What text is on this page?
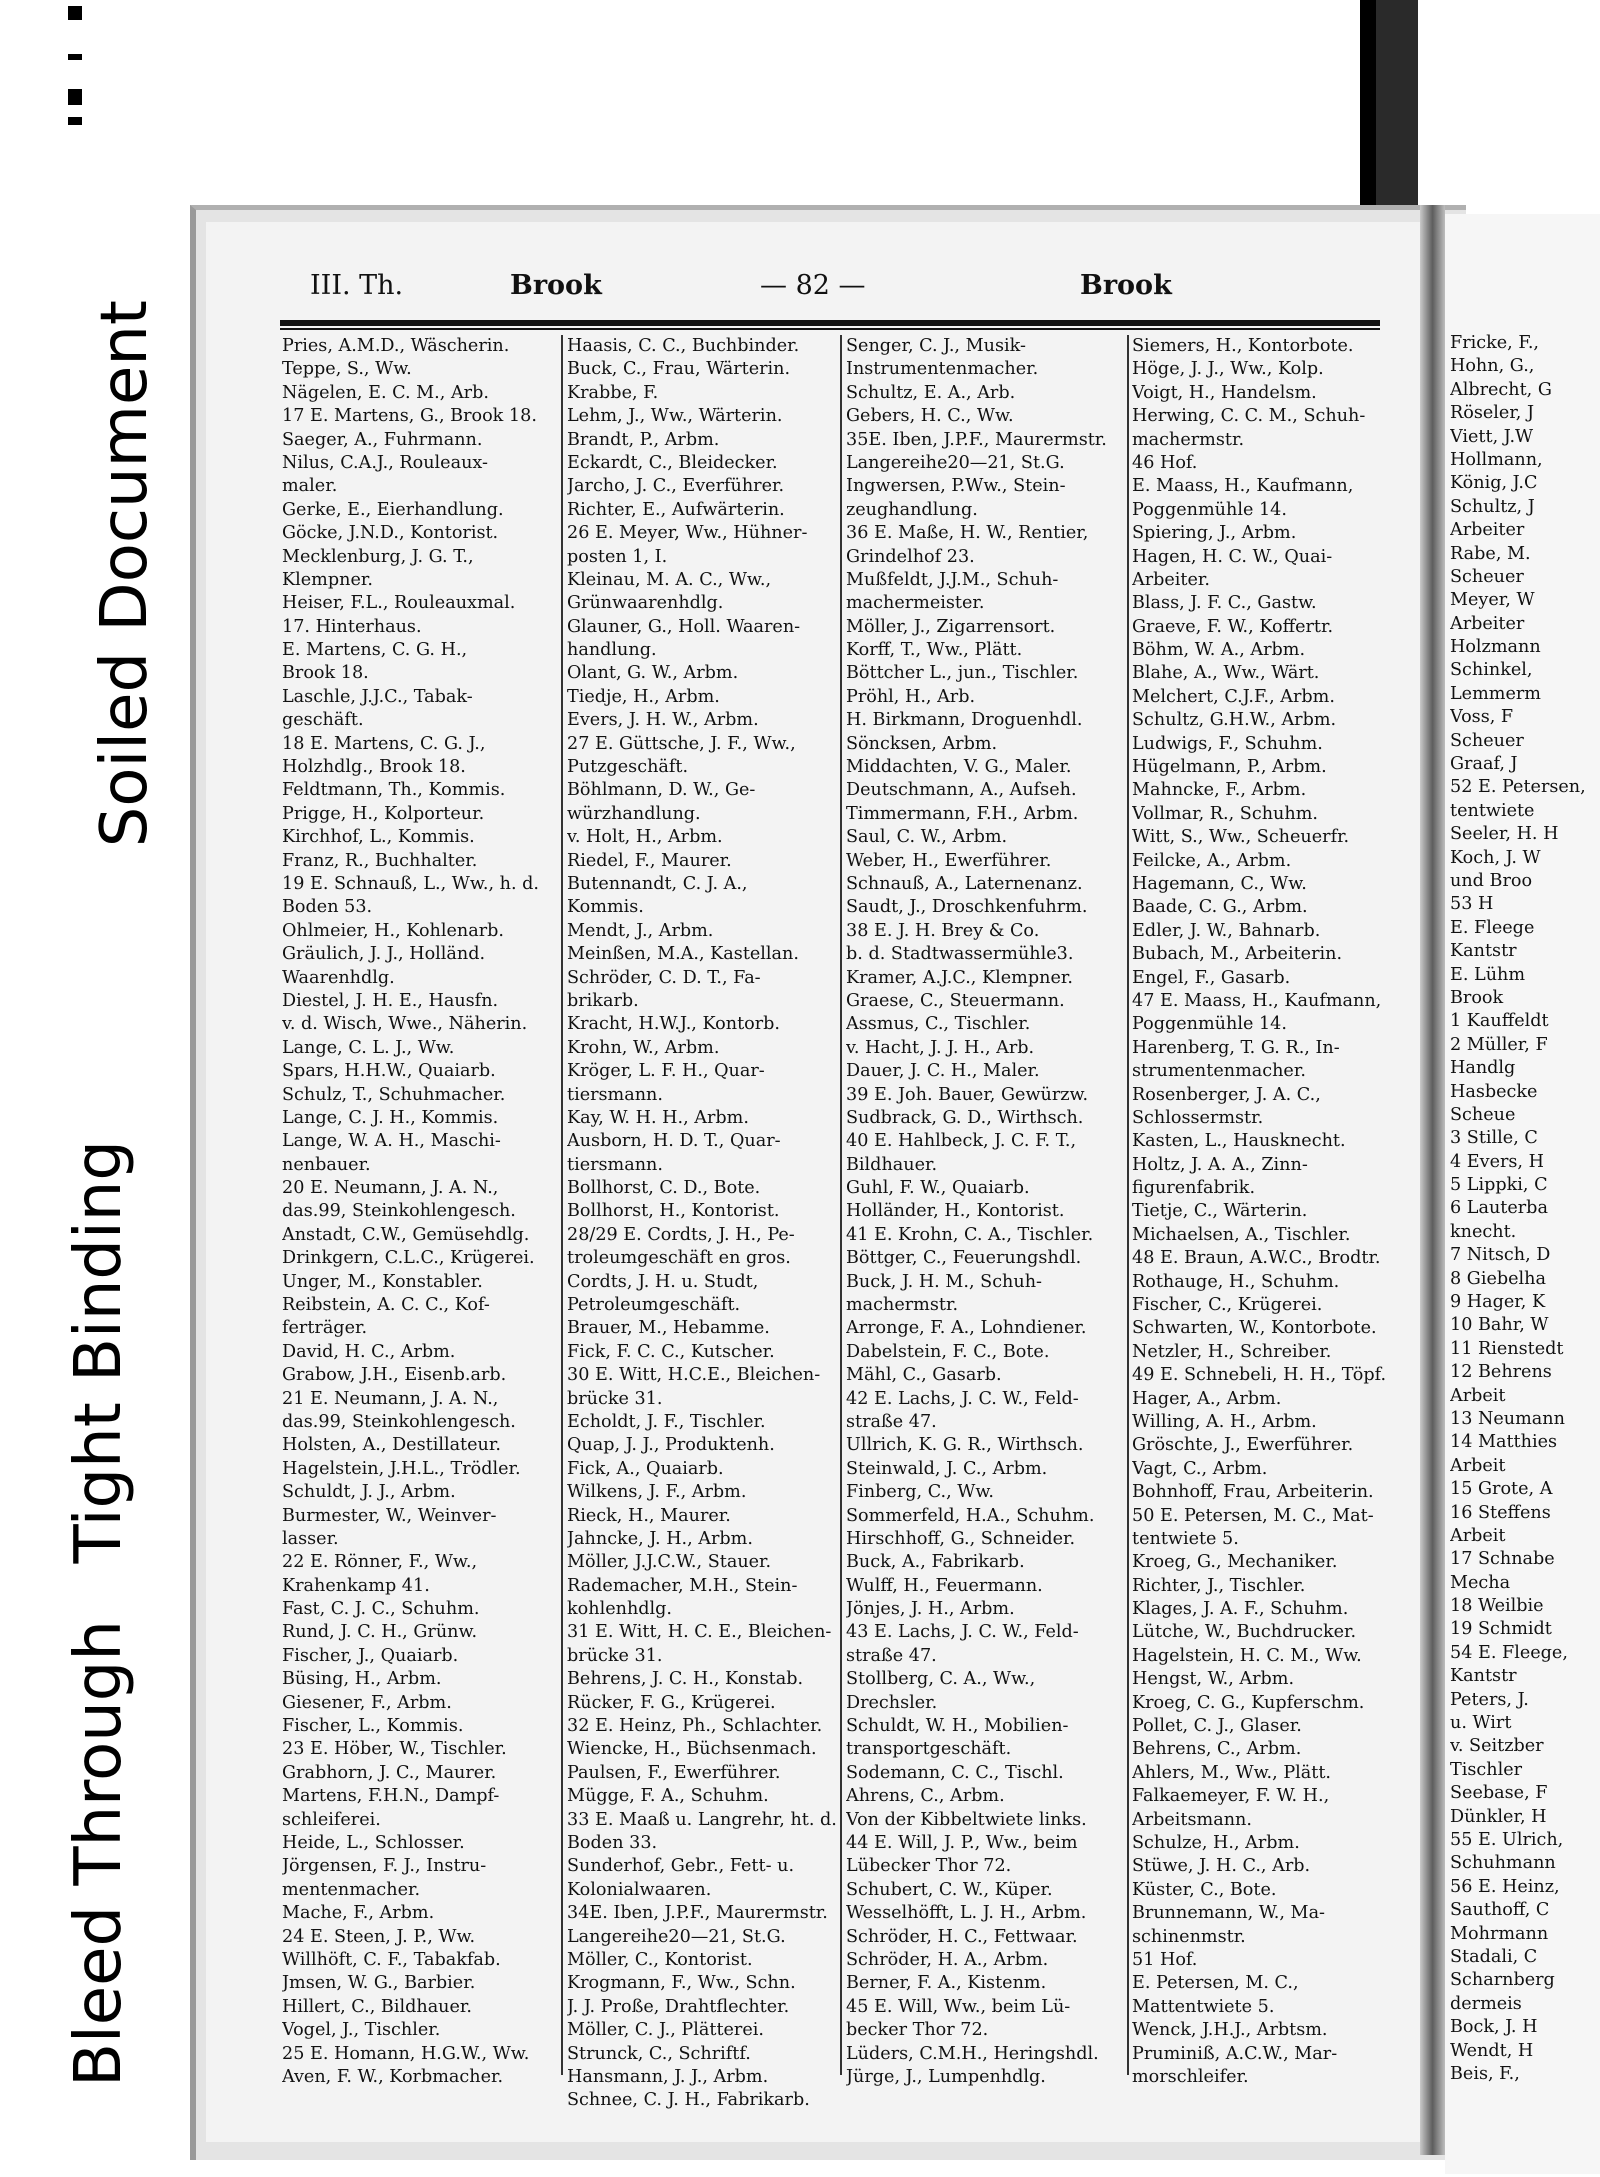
Bleed Through
Tight Binding
Soiled Document	Fricke, F.,
Hohn, G.,
Albrecht, G
Röseler, J
Viett, J.W
Hollmann,
König, J.C
Schultz, J
Arbeiter
Rabe, M.
Scheuer
Meyer, W
Arbeiter
Holzmann
Schinkel,
Lemmerm
Voss, F
Scheuer
Graaf, J
52 E. Petersen,
tentwiete
Seeler, H. H
Koch, J. W
und Broo
53 H
E. Fleege
Kantstr
E. Lühm
Brook
1 Kauffeldt
2 Müller, F
Handlg
Hasbecke
Scheue
3 Stille, C
4 Evers, H
5 Lippki, C
6 Lauterba
knecht.
7 Nitsch, D
8 Giebelha
9 Hager, K
10 Bahr, W
11 Rienstedt
12 Behrens
Arbeit
13 Neumann
14 Matthies
Arbeit
15 Grote, A
16 Steffens
Arbeit
17 Schnabe
Mecha
18 Weilbie
19 Schmidt
54 E. Fleege,
Kantstr
Peters, J.
u. Wirt
v. Seitzber
Tischler
Seebase, F
Dünkler, H
55 E. Ulrich,
Schuhmann
56 E. Heinz,
Sauthoff, C
Mohrmann
Stadali, C
Scharnberg
dermeis
Bock, J. H
Wendt, H
Beis, F.,
III. Th.	Brook	— 82 —	Brook
Pries, A.M.D., Wäscherin.
Teppe, S., Ww.
Nägelen, E. C. M., Arb.
17 E. Martens, G., Brook 18.
Saeger, A., Fuhrmann.
Nilus, C.A.J., Rouleaux-
maler.
Gerke, E., Eierhandlung.
Göcke, J.N.D., Kontorist.
Mecklenburg, J. G. T.,
Klempner.
Heiser, F.L., Rouleauxmal.
17. Hinterhaus.
E. Martens, C. G. H.,
Brook 18.
Laschle, J.J.C., Tabak-
geschäft.
18 E. Martens, C. G. J.,
Holzhdlg., Brook 18.
Feldtmann, Th., Kommis.
Prigge, H., Kolporteur.
Kirchhof, L., Kommis.
Franz, R., Buchhalter.
19 E. Schnauß, L., Ww., h. d.
Boden 53.
Ohlmeier, H., Kohlenarb.
Gräulich, J. J., Holländ.
Waarenhdlg.
Diestel, J. H. E., Hausfn.
v. d. Wisch, Wwe., Näherin.
Lange, C. L. J., Ww.
Spars, H.H.W., Quaiarb.
Schulz, T., Schuhmacher.
Lange, C. J. H., Kommis.
Lange, W. A. H., Maschi-
nenbauer.
20 E. Neumann, J. A. N.,
das.99, Steinkohlengesch.
Anstadt, C.W., Gemüsehdlg.
Drinkgern, C.L.C., Krügerei.
Unger, M., Konstabler.
Reibstein, A. C. C., Kof-
ferträger.
David, H. C., Arbm.
Grabow, J.H., Eisenb.arb.
21 E. Neumann, J. A. N.,
das.99, Steinkohlengesch.
Holsten, A., Destillateur.
Hagelstein, J.H.L., Trödler.
Schuldt, J. J., Arbm.
Burmester, W., Weinver-
lasser.
22 E. Rönner, F., Ww.,
Krahenkamp 41.
Fast, C. J. C., Schuhm.
Rund, J. C. H., Grünw.
Fischer, J., Quaiarb.
Büsing, H., Arbm.
Giesener, F., Arbm.
Fischer, L., Kommis.
23 E. Höber, W., Tischler.
Grabhorn, J. C., Maurer.
Martens, F.H.N., Dampf-
schleiferei.
Heide, L., Schlosser.
Jörgensen, F. J., Instru-
mentenmacher.
Mache, F., Arbm.
24 E. Steen, J. P., Ww.
Willhöft, C. F., Tabakfab.
Jmsen, W. G., Barbier.
Hillert, C., Bildhauer.
Vogel, J., Tischler.
25 E. Homann, H.G.W., Ww.
Aven, F. W., Korbmacher.
Haasis, C. C., Buchbinder.
Buck, C., Frau, Wärterin.
Krabbe, F.
Lehm, J., Ww., Wärterin.
Brandt, P., Arbm.
Eckardt, C., Bleidecker.
Jarcho, J. C., Everführer.
Richter, E., Aufwärterin.
26 E. Meyer, Ww., Hühner-
posten 1, I.
Kleinau, M. A. C., Ww.,
Grünwaarenhdlg.
Glauner, G., Holl. Waaren-
handlung.
Olant, G. W., Arbm.
Tiedje, H., Arbm.
Evers, J. H. W., Arbm.
27 E. Güttsche, J. F., Ww.,
Putzgeschäft.
Böhlmann, D. W., Ge-
würzhandlung.
v. Holt, H., Arbm.
Riedel, F., Maurer.
Butennandt, C. J. A.,
Kommis.
Mendt, J., Arbm.
Meinßen, M.A., Kastellan.
Schröder, C. D. T., Fa-
brikarb.
Kracht, H.W.J., Kontorb.
Krohn, W., Arbm.
Kröger, L. F. H., Quar-
tiersmann.
Kay, W. H. H., Arbm.
Ausborn, H. D. T., Quar-
tiersmann.
Bollhorst, C. D., Bote.
Bollhorst, H., Kontorist.
28/29 E. Cordts, J. H., Pe-
troleumgeschäft en gros.
Cordts, J. H. u. Studt,
Petroleumgeschäft.
Brauer, M., Hebamme.
Fick, F. C. C., Kutscher.
30 E. Witt, H.C.E., Bleichen-
brücke 31.
Echoldt, J. F., Tischler.
Quap, J. J., Produktenh.
Fick, A., Quaiarb.
Wilkens, J. F., Arbm.
Rieck, H., Maurer.
Jahncke, J. H., Arbm.
Möller, J.J.C.W., Stauer.
Rademacher, M.H., Stein-
kohlenhdlg.
31 E. Witt, H. C. E., Bleichen-
brücke 31.
Behrens, J. C. H., Konstab.
Rücker, F. G., Krügerei.
32 E. Heinz, Ph., Schlachter.
Wiencke, H., Büchsenmach.
Paulsen, F., Ewerführer.
Mügge, F. A., Schuhm.
33 E. Maaß u. Langrehr, ht. d.
Boden 33.
Sunderhof, Gebr., Fett- u.
Kolonialwaaren.
34E. Iben, J.P.F., Maurermstr.
Langereihe20—21, St.G.
Möller, C., Kontorist.
Krogmann, F., Ww., Schn.
J. J. Proße, Drahtflechter.
Möller, C. J., Plätterei.
Strunck, C., Schriftf.
Hansmann, J. J., Arbm.
Schnee, C. J. H., Fabrikarb.
Senger, C. J., Musik-
Instrumentenmacher.
Schultz, E. A., Arb.
Gebers, H. C., Ww.
35E. Iben, J.P.F., Maurermstr.
Langereihe20—21, St.G.
Ingwersen, P.Ww., Stein-
zeughandlung.
36 E. Maße, H. W., Rentier,
Grindelhof 23.
Mußfeldt, J.J.M., Schuh-
machermeister.
Möller, J., Zigarrensort.
Korff, T., Ww., Plätt.
Böttcher L., jun., Tischler.
Pröhl, H., Arb.
H. Birkmann, Droguenhdl.
Söncksen, Arbm.
Middachten, V. G., Maler.
Deutschmann, A., Aufseh.
Timmermann, F.H., Arbm.
Saul, C. W., Arbm.
Weber, H., Ewerführer.
Schnauß, A., Laternenanz.
Saudt, J., Droschkenfuhrm.
38 E. J. H. Brey & Co.
b. d. Stadtwassermühle3.
Kramer, A.J.C., Klempner.
Graese, C., Steuermann.
Assmus, C., Tischler.
v. Hacht, J. J. H., Arb.
Dauer, J. C. H., Maler.
39 E. Joh. Bauer, Gewürzw.
Sudbrack, G. D., Wirthsch.
40 E. Hahlbeck, J. C. F. T.,
Bildhauer.
Guhl, F. W., Quaiarb.
Holländer, H., Kontorist.
41 E. Krohn, C. A., Tischler.
Böttger, C., Feuerungshdl.
Buck, J. H. M., Schuh-
machermstr.
Arronge, F. A., Lohndiener.
Dabelstein, F. C., Bote.
Mähl, C., Gasarb.
42 E. Lachs, J. C. W., Feld-
straße 47.
Ullrich, K. G. R., Wirthsch.
Steinwald, J. C., Arbm.
Finberg, C., Ww.
Sommerfeld, H.A., Schuhm.
Hirschhoff, G., Schneider.
Buck, A., Fabrikarb.
Wulff, H., Feuermann.
Jönjes, J. H., Arbm.
43 E. Lachs, J. C. W., Feld-
straße 47.
Stollberg, C. A., Ww.,
Drechsler.
Schuldt, W. H., Mobilien-
transportgeschäft.
Sodemann, C. C., Tischl.
Ahrens, C., Arbm.
Von der Kibbeltwiete links.
44 E. Will, J. P., Ww., beim
Lübecker Thor 72.
Schubert, C. W., Küper.
Wesselhöfft, L. J. H., Arbm.
Schröder, H. C., Fettwaar.
Schröder, H. A., Arbm.
Berner, F. A., Kistenm.
45 E. Will, Ww., beim Lü-
becker Thor 72.
Lüders, C.M.H., Heringshdl.
Jürge, J., Lumpenhdlg.
Siemers, H., Kontorbote.
Höge, J. J., Ww., Kolp.
Voigt, H., Handelsm.
Herwing, C. C. M., Schuh-
machermstr.
46 Hof.
E. Maass, H., Kaufmann,
Poggenmühle 14.
Spiering, J., Arbm.
Hagen, H. C. W., Quai-
Arbeiter.
Blass, J. F. C., Gastw.
Graeve, F. W., Koffertr.
Böhm, W. A., Arbm.
Blahe, A., Ww., Wärt.
Melchert, C.J.F., Arbm.
Schultz, G.H.W., Arbm.
Ludwigs, F., Schuhm.
Hügelmann, P., Arbm.
Mahncke, F., Arbm.
Vollmar, R., Schuhm.
Witt, S., Ww., Scheuerfr.
Feilcke, A., Arbm.
Hagemann, C., Ww.
Baade, C. G., Arbm.
Edler, J. W., Bahnarb.
Bubach, M., Arbeiterin.
Engel, F., Gasarb.
47 E. Maass, H., Kaufmann,
Poggenmühle 14.
Harenberg, T. G. R., In-
strumentenmacher.
Rosenberger, J. A. C.,
Schlossermstr.
Kasten, L., Hausknecht.
Holtz, J. A. A., Zinn-
figurenfabrik.
Tietje, C., Wärterin.
Michaelsen, A., Tischler.
48 E. Braun, A.W.C., Brodtr.
Rothauge, H., Schuhm.
Fischer, C., Krügerei.
Schwarten, W., Kontorbote.
Netzler, H., Schreiber.
49 E. Schnebeli, H. H., Töpf.
Hager, A., Arbm.
Willing, A. H., Arbm.
Gröschte, J., Ewerführer.
Vagt, C., Arbm.
Bohnhoff, Frau, Arbeiterin.
50 E. Petersen, M. C., Mat-
tentwiete 5.
Kroeg, G., Mechaniker.
Richter, J., Tischler.
Klages, J. A. F., Schuhm.
Lütche, W., Buchdrucker.
Hagelstein, H. C. M., Ww.
Hengst, W., Arbm.
Kroeg, C. G., Kupferschm.
Pollet, C. J., Glaser.
Behrens, C., Arbm.
Ahlers, M., Ww., Plätt.
Falkaemeyer, F. W. H.,
Arbeitsmann.
Schulze, H., Arbm.
Stüwe, J. H. C., Arb.
Küster, C., Bote.
Brunnemann, W., Ma-
schinenmstr.
51 Hof.
E. Petersen, M. C.,
Mattentwiete 5.
Wenck, J.H.J., Arbtsm.
Pruminiß, A.C.W., Mar-
morschleifer.
